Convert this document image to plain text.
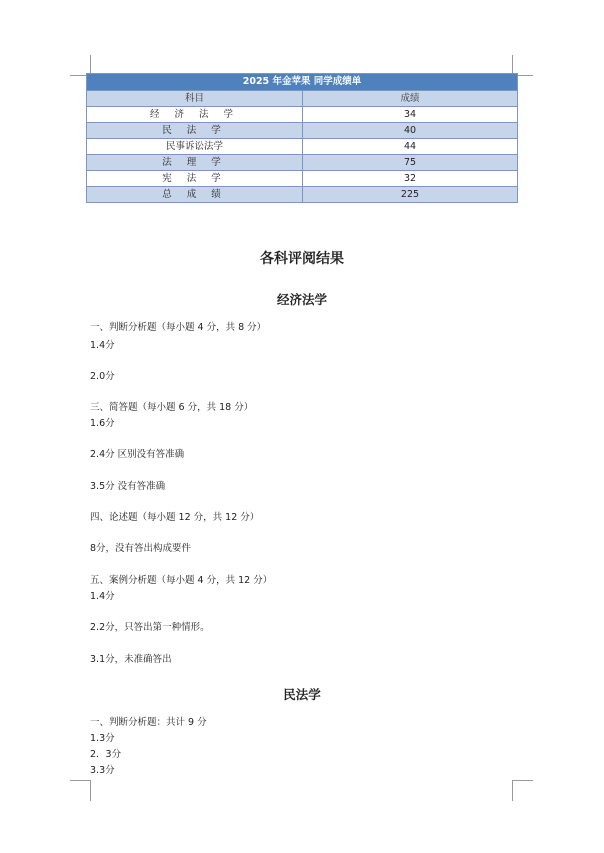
2025 年金苹果 同学成绩单	
科目	成绩
经 济 法 学	34
民 法 学	40
民事诉讼法学	44
法 理 学	75
宪 法 学	32
总 成 绩	225
各科评阅结果
经济法学
一、判断分析题（每小题 4 分，共 8 分）
1.4分
2.0分
三、简答题（每小题 6 分，共 18 分）
1.6分
2.4分 区别没有答准确
3.5分 没有答准确
四、论述题（每小题 12 分，共 12 分）
8分，没有答出构成要件
五、案例分析题（每小题 4 分，共 12 分）
1.4分
2.2分，只答出第一种情形。
3.1分，未准确答出
民法学
一、判断分析题：共计 9 分
1.3分
2．3分
3.3分
